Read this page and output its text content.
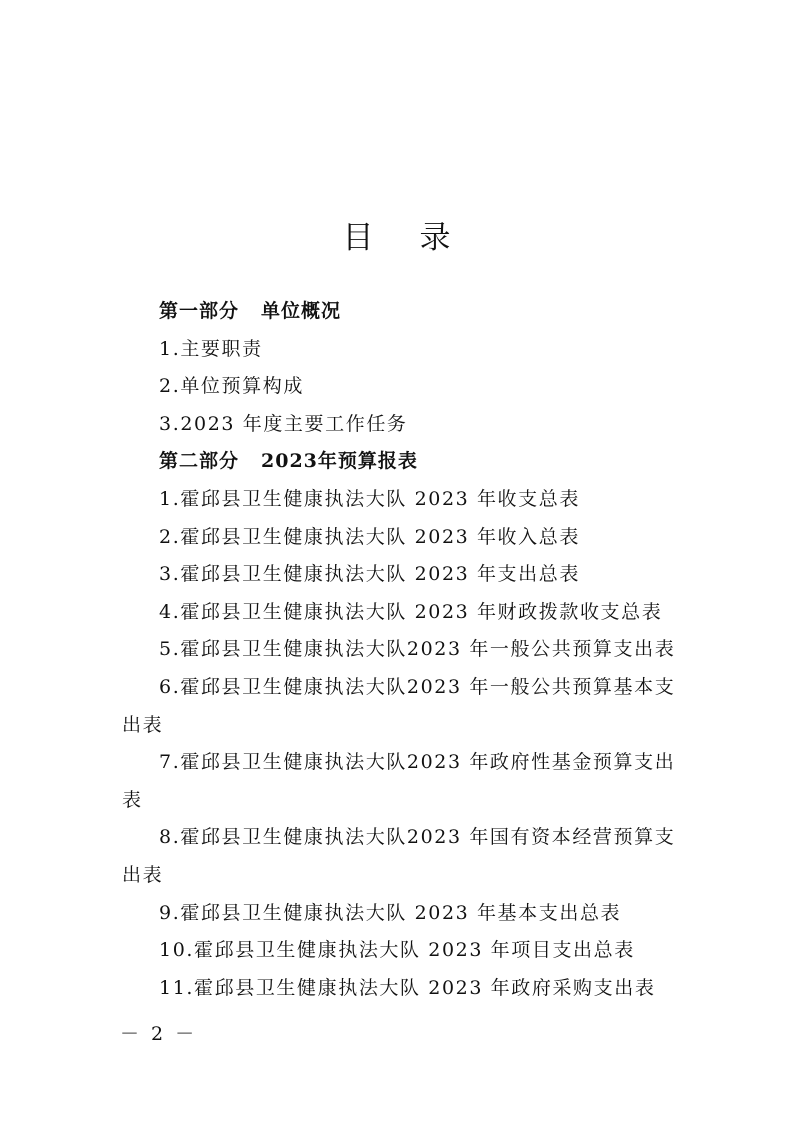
目录
第一部分 单位概况
1.主要职责
2.单位预算构成
3.2023 年度主要工作任务
第二部分 2023年预算报表
1.霍邱县卫生健康执法大队 2023 年收支总表
2.霍邱县卫生健康执法大队 2023 年收入总表
3.霍邱县卫生健康执法大队 2023 年支出总表
4.霍邱县卫生健康执法大队 2023 年财政拨款收支总表
5.霍邱县卫生健康执法大队2023 年一般公共预算支出表
6.霍邱县卫生健康执法大队2023 年一般公共预算基本支
出表
7.霍邱县卫生健康执法大队2023 年政府性基金预算支出
表
8.霍邱县卫生健康执法大队2023 年国有资本经营预算支
出表
9.霍邱县卫生健康执法大队 2023 年基本支出总表
10.霍邱县卫生健康执法大队 2023 年项目支出总表
11.霍邱县卫生健康执法大队 2023 年政府采购支出表
－ 2 －
